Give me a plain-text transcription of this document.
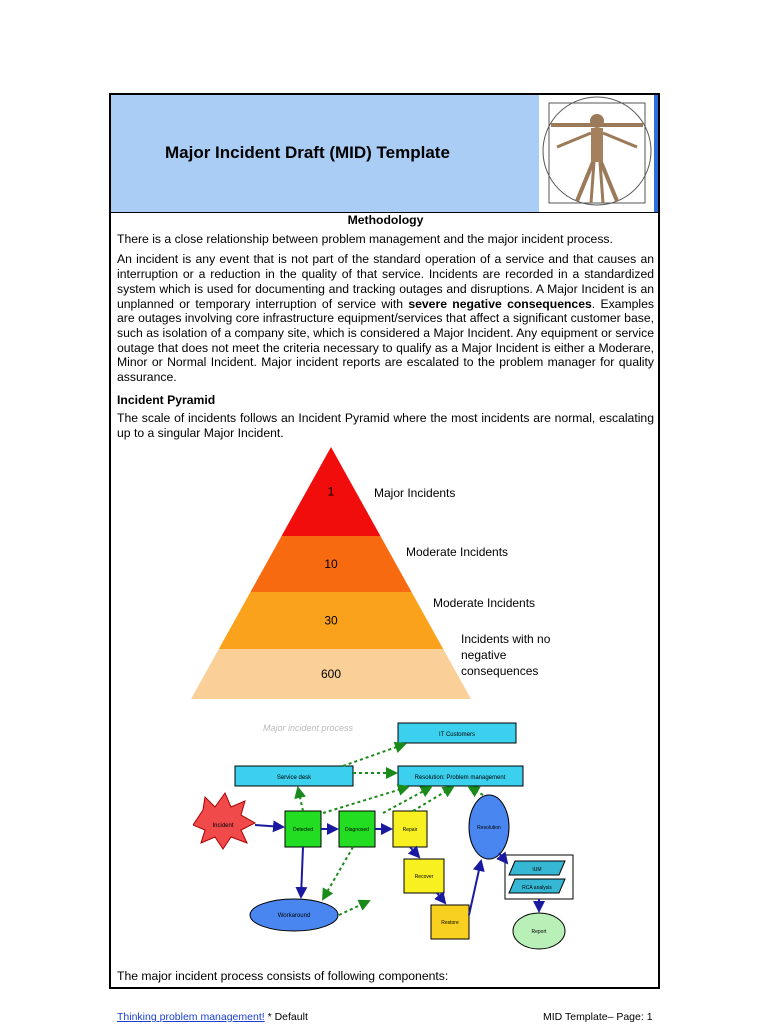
Major Incident Draft (MID) Template
Methodology

There is a close relationship between problem management and the major incident process.

An incident is any event that is not part of the standard operation of a service and that causes an interruption or a reduction in the quality of that service. Incidents are recorded in a standardized system which is used for documenting and tracking outages and disruptions. A Major Incident is an unplanned or temporary interruption of service with severe negative consequences. Examples are outages involving core infrastructure equipment/services that affect a significant customer base, such as isolation of a company site, which is considered a Major Incident. Any equipment or service outage that does not meet the criteria necessary to qualify as a Major Incident is either a Moderare, Minor or Normal Incident. Major incident reports are escalated to the problem manager for quality assurance.

Incident Pyramid

The scale of incidents follows an Incident Pyramid where the most incidents are normal, escalating up to a singular Major Incident.

1	Major Incidents
10
Moderate Incidents
30
Moderate Incidents
600
Incidents with no negative consequences
Major incident process
IT Customers
Service desk	Resolution: Problem management
Incident
Detected	Diagnosed	Repair
Recover
Restore
Resolution
Workaround
IUM
RCA analysis
Report
The major incident process consists of following components:
Thinking problem management! * Default	MID Template– Page: 1
